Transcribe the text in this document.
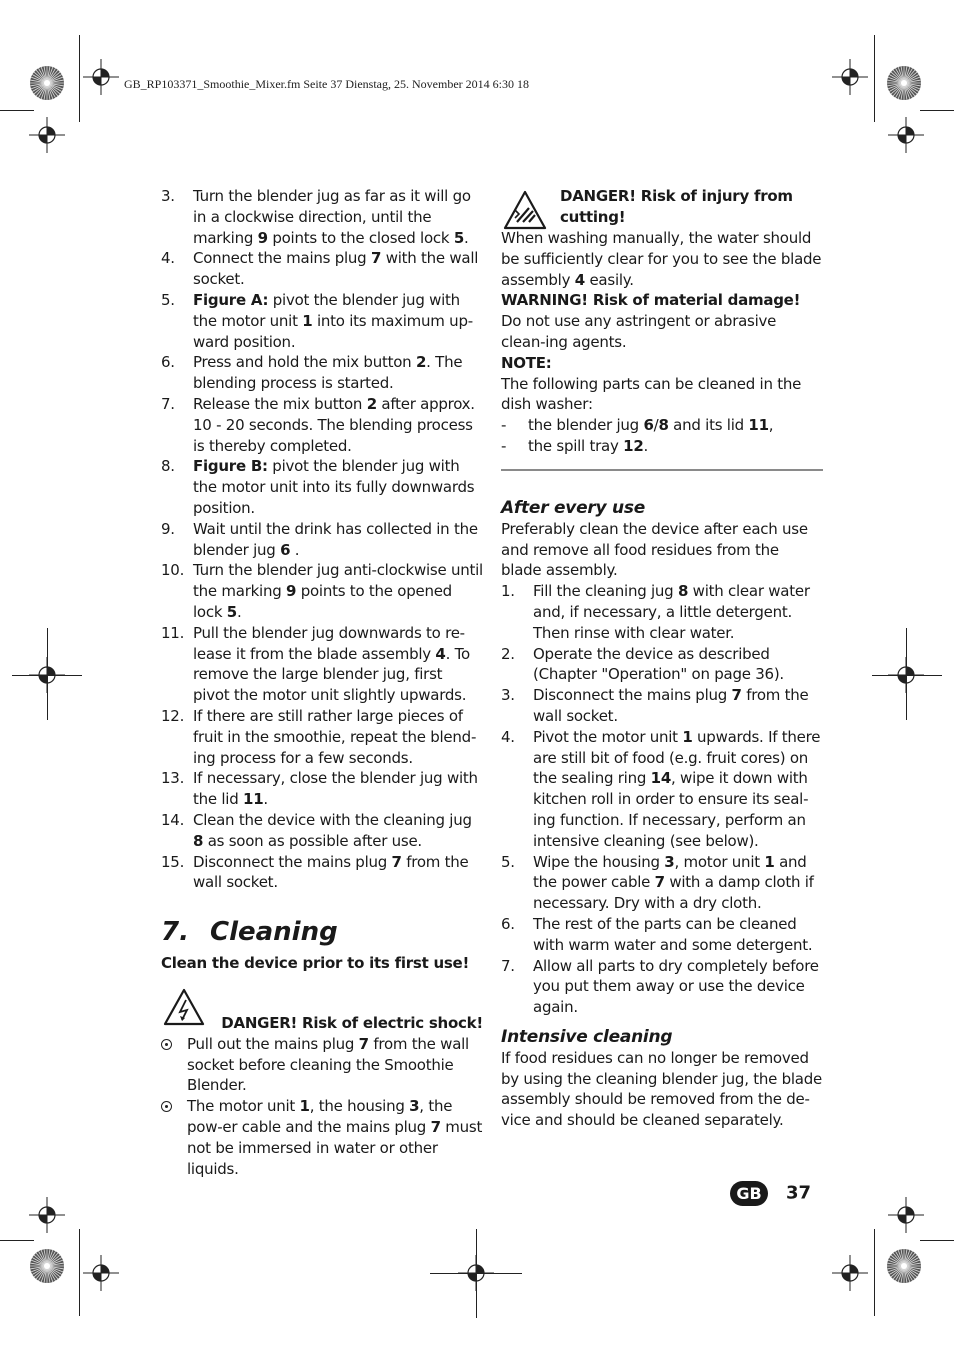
GB_RP103371_Smoothie_Mixer.fm Seite 37 Dienstag, 25. November 2014 6:30 18
3. Turn the blender jug as far as it will go in a clockwise direction, until the marking 9 points to the closed lock 5.
4. Connect the mains plug 7 with the wall socket.
5. Figure A: pivot the blender jug with the motor unit 1 into its maximum up-ward position.
6. Press and hold the mix button 2. The blending process is started.
7. Release the mix button 2 after approx. 10 - 20 seconds. The blending process is thereby completed.
8. Figure B: pivot the blender jug with the motor unit into its fully downwards position.
9. Wait until the drink has collected in the blender jug 6 .
10. Turn the blender jug anti-clockwise until the marking 9 points to the opened lock 5.
11. Pull the blender jug downwards to re-lease it from the blade assembly 4. To remove the large blender jug, first pivot the motor unit slightly upwards.
12. If there are still rather large pieces of fruit in the smoothie, repeat the blend-ing process for a few seconds.
13. If necessary, close the blender jug with the lid 11.
14. Clean the device with the cleaning jug 8 as soon as possible after use.
15. Disconnect the mains plug 7 from the wall socket.
7. Cleaning
Clean the device prior to its first use!
DANGER! Risk of electric shock!
Pull out the mains plug 7 from the wall socket before cleaning the Smoothie Blender.
The motor unit 1, the housing 3, the pow-er cable and the mains plug 7 must not be immersed in water or other liquids.
DANGER! Risk of injury from cutting!
When washing manually, the water should be sufficiently clear for you to see the blade assembly 4 easily.
WARNING! Risk of material damage!
Do not use any astringent or abrasive clean-ing agents.
NOTE:
The following parts can be cleaned in the dish washer:
- the blender jug 6/8 and its lid 11,
- the spill tray 12.
After every use
Preferably clean the device after each use and remove all food residues from the blade assembly.
1. Fill the cleaning jug 8 with clear water and, if necessary, a little detergent. Then rinse with clear water.
2. Operate the device as described (Chapter "Operation" on page 36).
3. Disconnect the mains plug 7 from the wall socket.
4. Pivot the motor unit 1 upwards. If there are still bit of food (e.g. fruit cores) on the sealing ring 14, wipe it down with kitchen roll in order to ensure its seal-ing function. If necessary, perform an intensive cleaning (see below).
5. Wipe the housing 3, motor unit 1 and the power cable 7 with a damp cloth if necessary. Dry with a dry cloth.
6. The rest of the parts can be cleaned with warm water and some detergent.
7. Allow all parts to dry completely before you put them away or use the device again.
Intensive cleaning
If food residues can no longer be removed by using the cleaning blender jug, the blade assembly should be removed from the de-vice and should be cleaned separately.
GB 37
